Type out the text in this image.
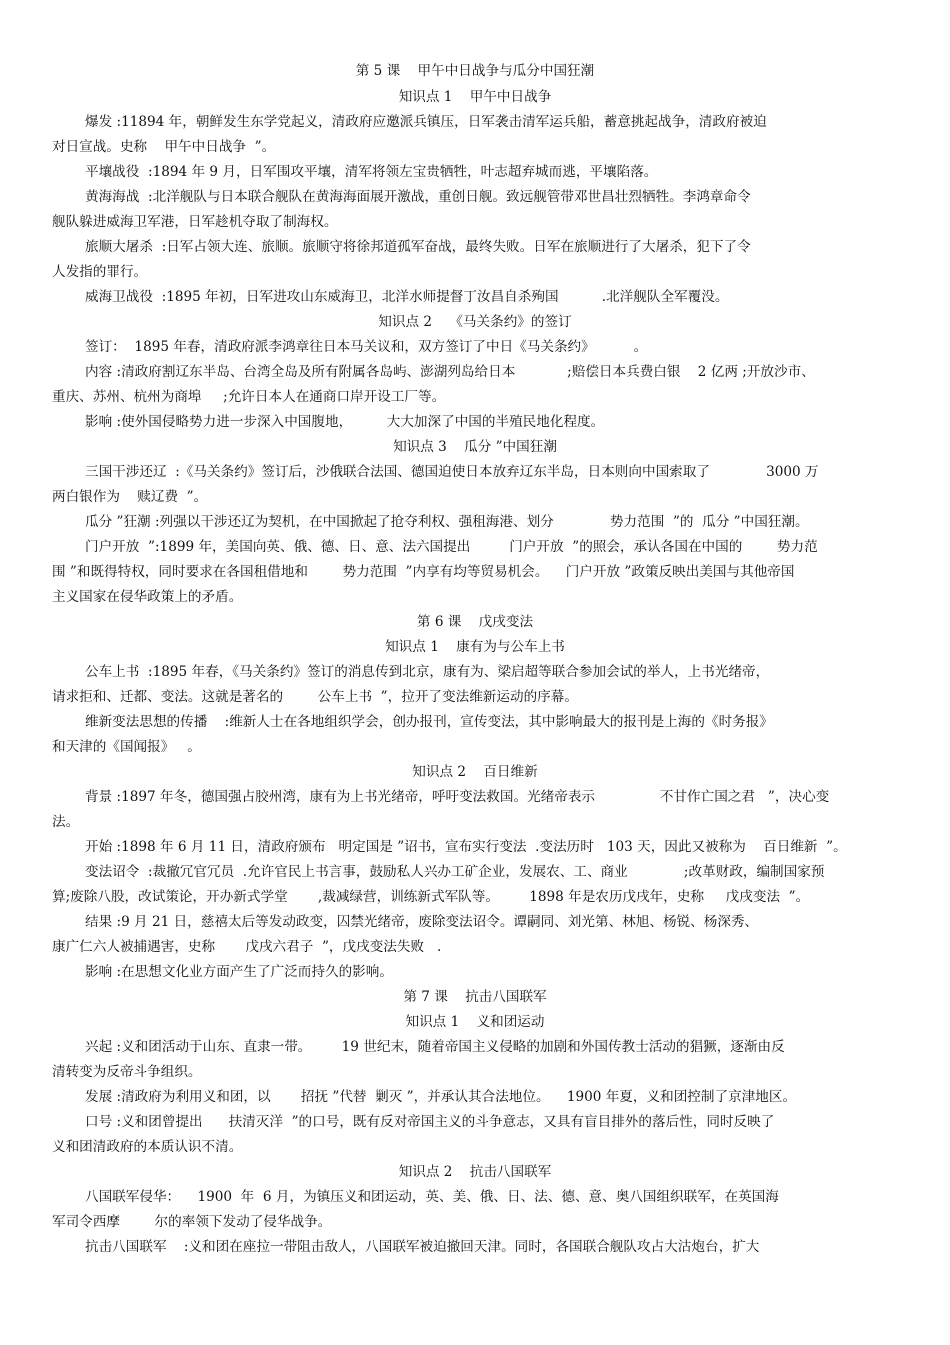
第 5 课    甲午中日战争与瓜分中国狂潮
知识点 1    甲午中日战争
爆发 :11894 年，朝鲜发生东学党起义，清政府应邀派兵镇压，日军袭击清军运兵船，蓄意挑起战争，清政府被迫
对日宣战。史称    甲午中日战争  ”。
平壤战役  :1894 年 9 月，日军围攻平壤，清军将领左宝贵牺牲，叶志超弃城而逃，平壤陷落。
黄海海战  :北洋舰队与日本联合舰队在黄海海面展开激战，重创日舰。致远舰管带邓世昌壮烈牺牲。李鸿章命令
舰队躲进威海卫军港，日军趁机夺取了制海权。
旅顺大屠杀  :日军占领大连、旅顺。旅顺守将徐邦道孤军奋战，最终失败。日军在旅顺进行了大屠杀，犯下了令
人发指的罪行。
威海卫战役  :1895 年初，日军进攻山东威海卫，北洋水师提督丁汝昌自杀殉国          .北洋舰队全军覆没。
知识点 2    《马关条约》的签订
签订：  1895 年春，清政府派李鸿章往日本马关议和，双方签订了中日《马关条约》         。
内容 :清政府割辽东半岛、台湾全岛及所有附属各岛屿、澎湖列岛给日本            ;赔偿日本兵费白银    2 亿两 ;开放沙市、
重庆、苏州、杭州为商埠     ;允许日本人在通商口岸开设工厂等。
影响 :使外国侵略势力进一步深入中国腹地，        大大加深了中国的半殖民地化程度。
知识点 3    瓜分 ”中国狂潮
三国干涉还辽  :《马关条约》签订后，沙俄联合法国、德国迫使日本放弃辽东半岛，日本则向中国索取了             3000 万
两白银作为    赎辽费  ”。
瓜分 ”狂潮 :列强以干涉还辽为契机，在中国掀起了抢夺利权、强租海港、划分             势力范围  ”的  瓜分 ”中国狂潮。
门户开放  ”:1899 年，美国向英、俄、德、日、意、法六国提出         门户开放  ”的照会，承认各国在中国的        势力范
围 ”和既得特权，同时要求在各国租借地和        势力范围  ”内享有均等贸易机会。    门户开放 ”政策反映出美国与其他帝国
主义国家在侵华政策上的矛盾。
第 6 课    戊戌变法
知识点 1    康有为与公车上书
公车上书  :1895 年春，《马关条约》签订的消息传到北京，康有为、梁启超等联合参加会试的举人，上书光绪帝，
请求拒和、迁都、变法。这就是著名的        公车上书  ”，拉开了变法维新运动的序幕。
维新变法思想的传播    :维新人士在各地组织学会，创办报刊，宣传变法，其中影响最大的报刊是上海的《时务报》
和天津的《国闻报》   。
知识点 2    百日维新
背景 :1897 年冬，德国强占胶州湾，康有为上书光绪帝，呼吁变法救国。光绪帝表示               不甘作亡国之君   ”，决心变
法。
开始 :1898 年 6 月 11 日，清政府颁布   明定国是 ”诏书，宣布实行变法  .变法历时   103 天，因此又被称为    百日维新  ”。
变法诏令  :裁撤冗官冗员  .允许官民上书言事，鼓励私人兴办工矿企业，发展农、工、商业             ;改革财政，编制国家预
算;废除八股，改试策论，开办新式学堂       ,裁减绿营，训练新式军队等。       1898 年是农历戊戌年，史称     戊戌变法  ”。
结果 :9 月 21 日，慈禧太后等发动政变，囚禁光绪帝，废除变法诏令。谭嗣同、刘光第、林旭、杨锐、杨深秀、
康广仁六人被捕遇害，史称       戊戌六君子  ”，戊戌变法失败   .
影响 :在思想文化业方面产生了广泛而持久的影响。
第 7 课    抗击八国联军
知识点 1    义和团运动
兴起 :义和团活动于山东、直隶一带。       19 世纪末，随着帝国主义侵略的加剧和外国传教士活动的猖獗，逐渐由反
清转变为反帝斗争组织。
发展 :清政府为利用义和团，以       招抚 ”代替  剿灭 ”，并承认其合法地位。    1900 年夏，义和团控制了京津地区。
口号 :义和团曾提出      扶清灭洋  ”的口号，既有反对帝国主义的斗争意志，又具有盲目排外的落后性，同时反映了
义和团清政府的本质认识不清。
知识点 2    抗击八国联军
八国联军侵华：    1900  年  6 月，为镇压义和团运动，英、美、俄、日、法、德、意、奥八国组织联军，在英国海
军司令西摩        尔的率领下发动了侵华战争。
抗击八国联军    :义和团在座拉一带阻击敌人，八国联军被迫撤回天津。同时，各国联合舰队攻占大沽炮台，扩大
